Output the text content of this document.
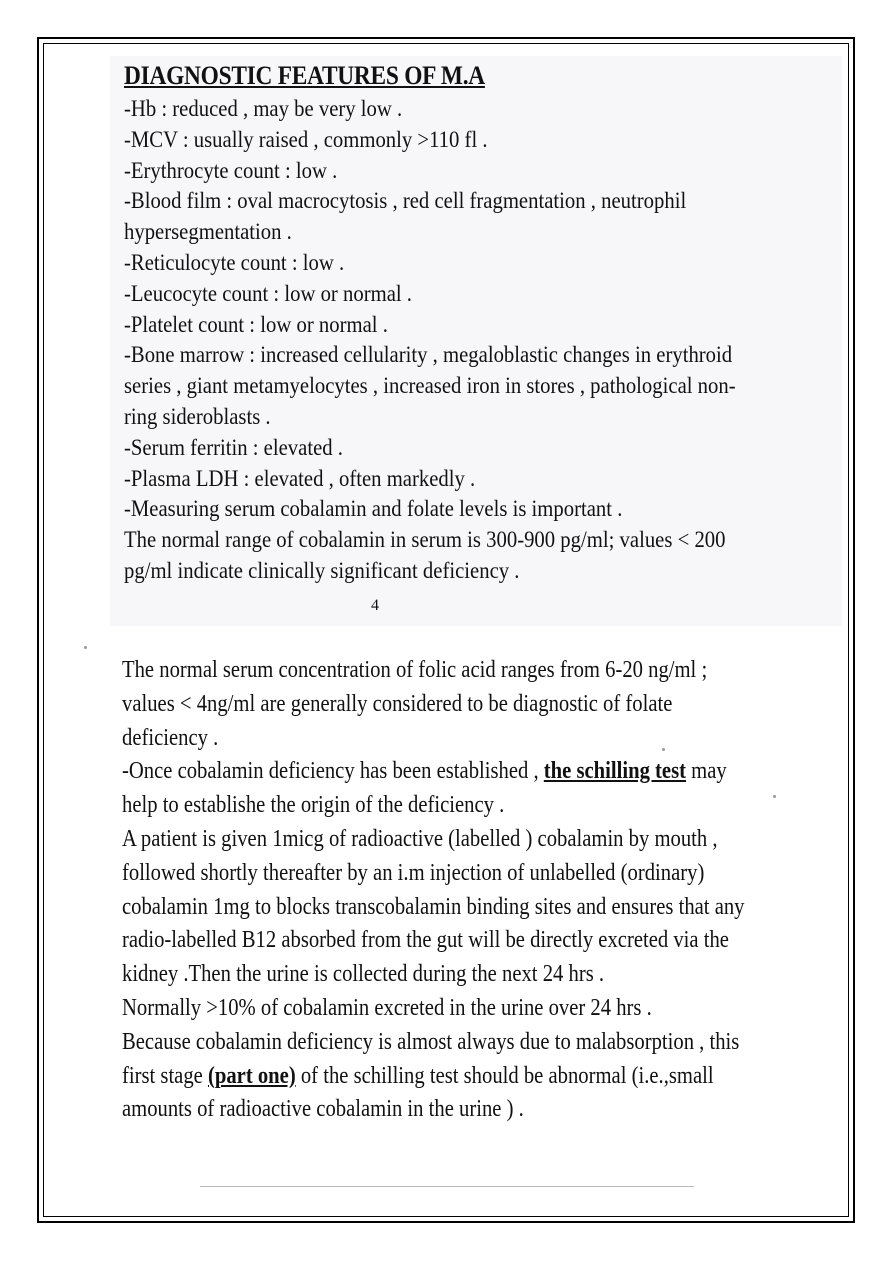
DIAGNOSTIC FEATURES OF M.A

-Hb : reduced , may be very low .

-MCV : usually raised , commonly >110 fl .

-Erythrocyte count : low .

-Blood film : oval macrocytosis , red cell fragmentation , neutrophil

hypersegmentation .

-Reticulocyte count : low .

-Leucocyte count : low or normal .

-Platelet count : low or normal .

-Bone marrow : increased cellularity , megaloblastic changes in erythroid

series , giant metamyelocytes , increased iron in stores , pathological non-

ring sideroblasts .

-Serum ferritin : elevated .

-Plasma LDH : elevated , often markedly .

-Measuring serum cobalamin and folate levels is important .

The normal range of cobalamin in serum is 300-900 pg/ml; values < 200

pg/ml indicate clinically significant deficiency .

4

The normal serum concentration of folic acid ranges from 6-20 ng/ml ;

values < 4ng/ml are generally considered to be diagnostic of folate

deficiency .

-Once cobalamin deficiency has been established , the schilling test may

help to establishe the origin of the deficiency .

A patient is given 1micg of radioactive (labelled ) cobalamin by mouth ,

followed shortly thereafter by an i.m injection of unlabelled (ordinary)

cobalamin 1mg to blocks transcobalamin binding sites and ensures that any

radio-labelled B12 absorbed from the gut will be directly excreted via the

kidney .Then the urine is collected during the next 24 hrs .

Normally >10% of cobalamin excreted in the urine over 24 hrs .

Because cobalamin deficiency is almost always due to malabsorption , this

first stage (part one) of the schilling test should be abnormal (i.e.,small

amounts of radioactive cobalamin in the urine ) .
